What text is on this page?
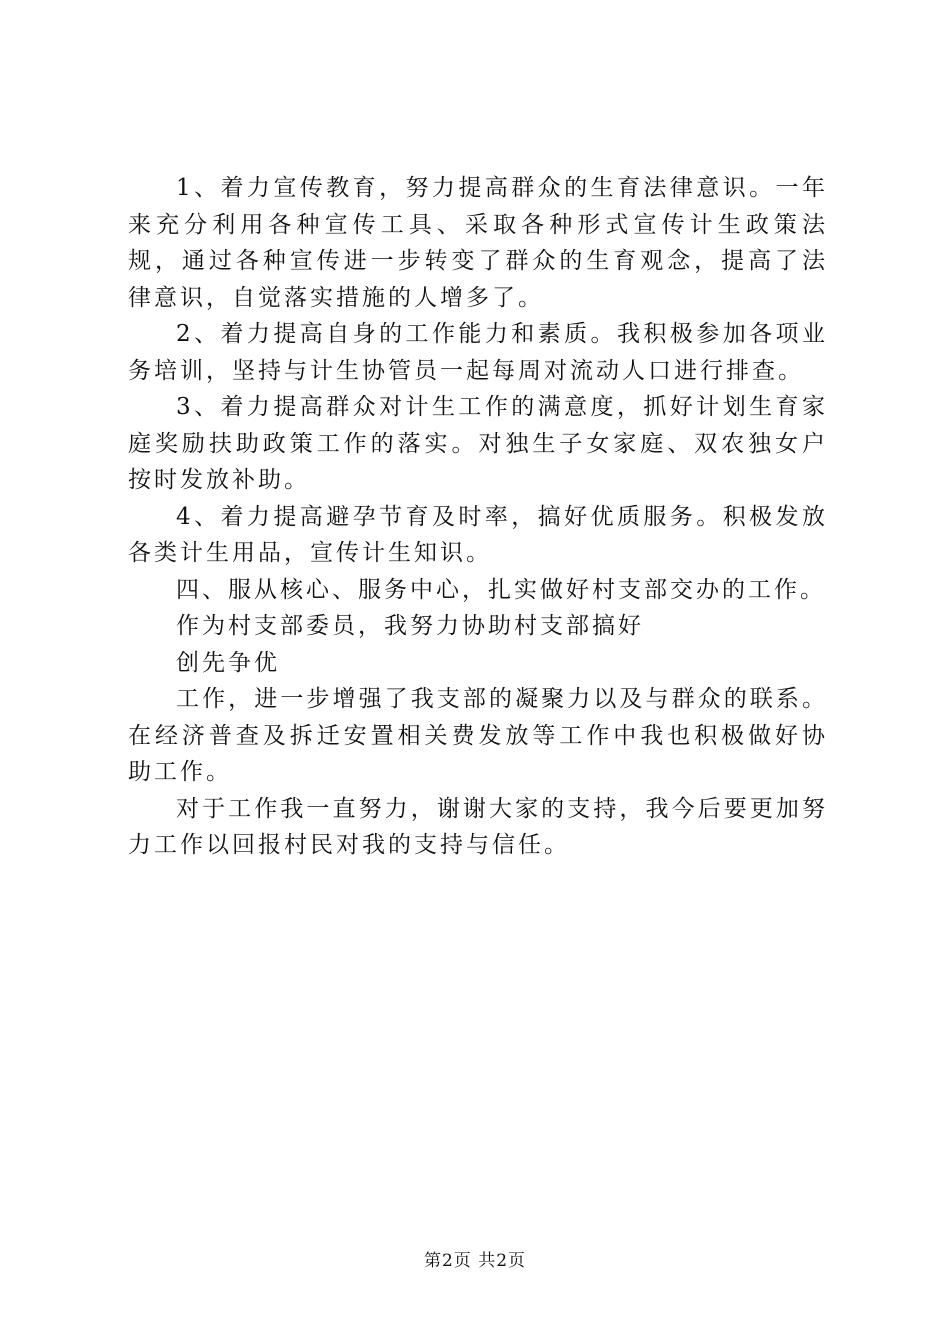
1、着力宣传教育，努力提高群众的生育法律意识。一年来充分利用各种宣传工具、采取各种形式宣传计生政策法规，通过各种宣传进一步转变了群众的生育观念，提高了法律意识，自觉落实措施的人增多了。

2、着力提高自身的工作能力和素质。我积极参加各项业务培训，坚持与计生协管员一起每周对流动人口进行排查。

3、着力提高群众对计生工作的满意度，抓好计划生育家庭奖励扶助政策工作的落实。对独生子女家庭、双农独女户按时发放补助。

4、着力提高避孕节育及时率，搞好优质服务。积极发放各类计生用品，宣传计生知识。

四、服从核心、服务中心，扎实做好村支部交办的工作。

作为村支部委员，我努力协助村支部搞好

创先争优

工作，进一步增强了我支部的凝聚力以及与群众的联系。在经济普查及拆迁安置相关费发放等工作中我也积极做好协助工作。

对于工作我一直努力，谢谢大家的支持，我今后要更加努力工作以回报村民对我的支持与信任。

第2页 共2页
